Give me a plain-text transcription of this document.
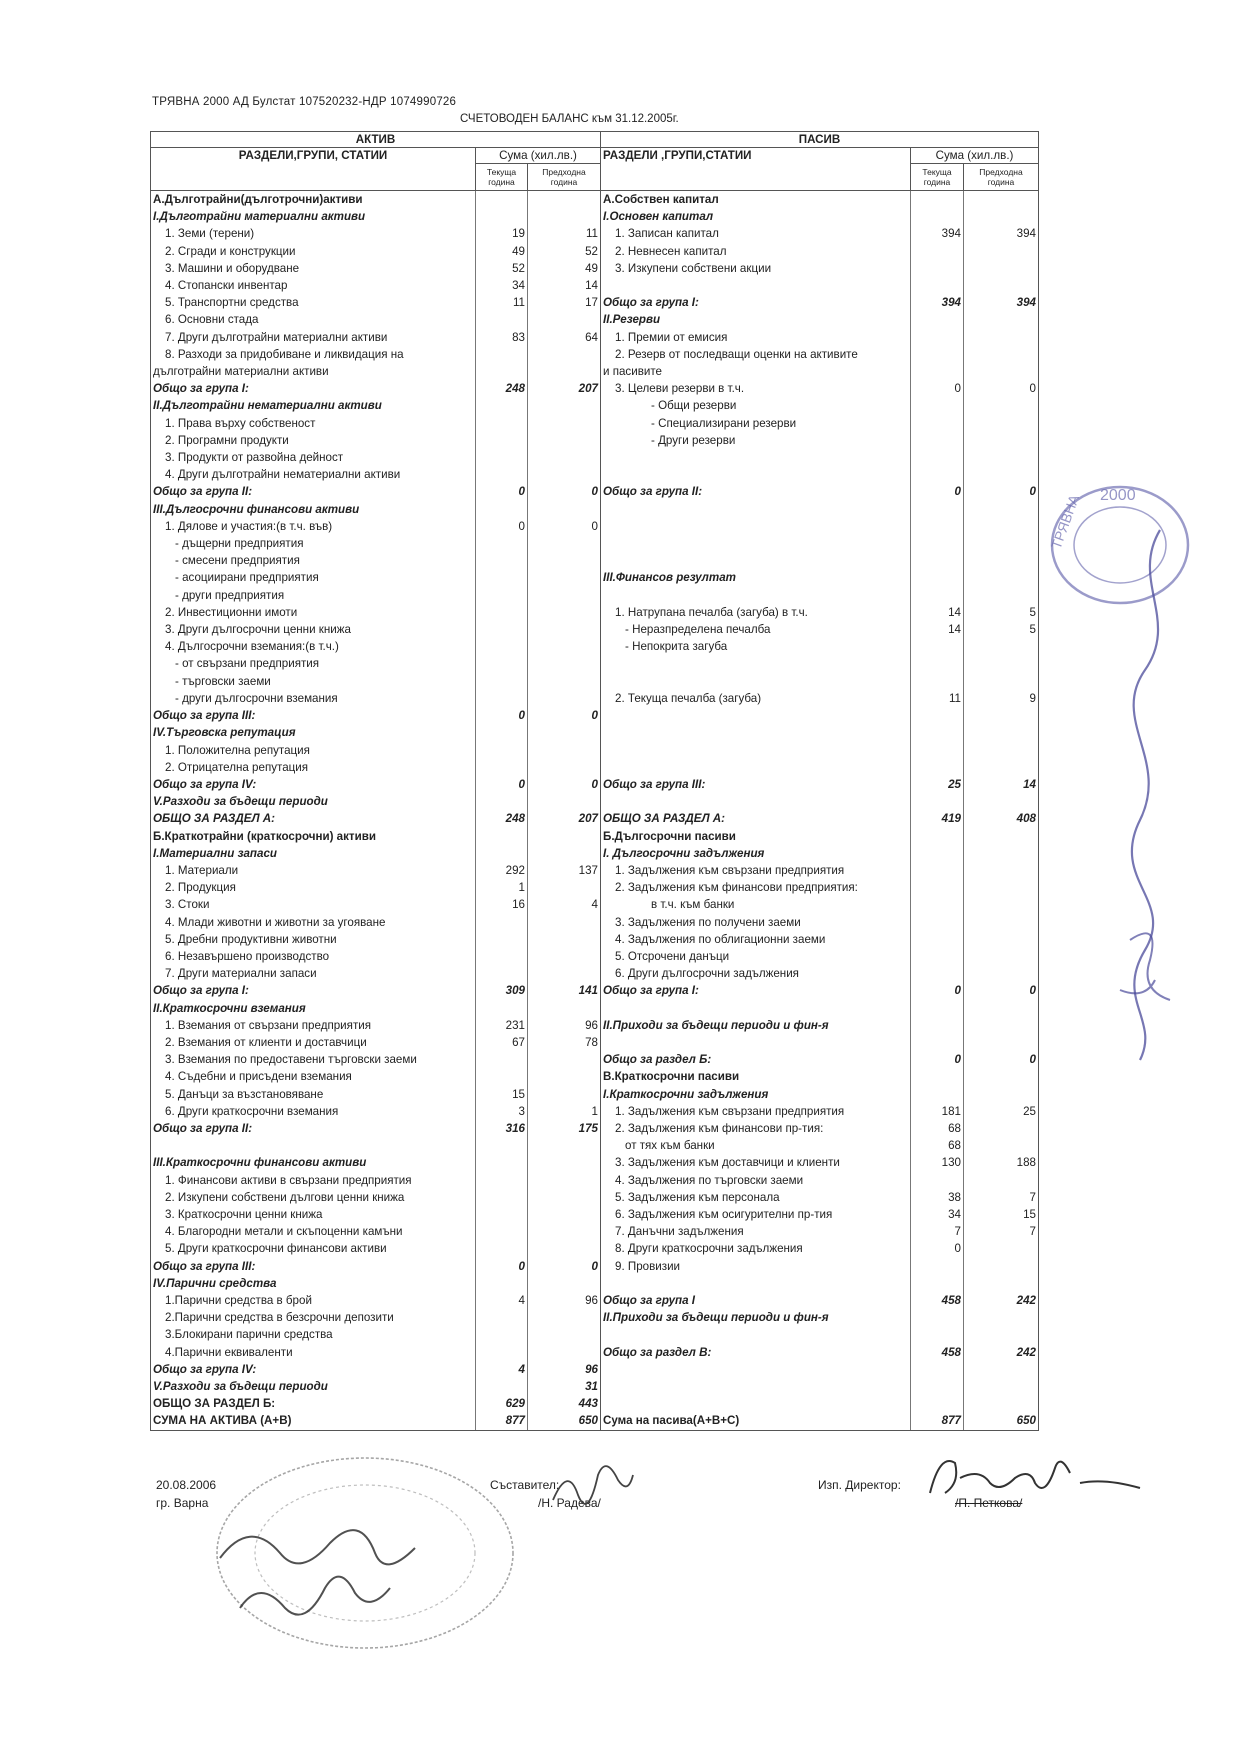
ТРЯВНА 2000 АД Булстат 107520232-НДР 1074990726
СЧЕТОВОДЕН БАЛАНС към 31.12.2005г.
АКТИВ			ПАСИВ		
РАЗДЕЛИ,ГРУПИ, СТАТИИ	Сума (хил.лв.)		РАЗДЕЛИ ,ГРУПИ,СТАТИИ	Сума (хил.лв.)	
	Текуща година	Предходна година		Текуща година	Предходна година
А.Дълготрайни(дълготрочни)активи			А.Собствен капитал		
I.Дълготрайни материални активи			I.Основен капитал		
1. Земи (терени)	19	11	1. Записан капитал	394	394
2. Сгради и конструкции	49	52	2. Невнесен капитал		
3. Машини и оборудване	52	49	3. Изкупени собствени акции		
4. Стопански инвентар	34	14			
5. Транспортни средства	11	17	Общо за група I:	394	394
6. Основни стада			II.Резерви		
7. Други дълготрайни материални активи	83	64	1. Премии от емисия		
8. Разходи за придобиване и ликвидация на			2. Резерв от последващи оценки на активите		
дълготрайни материални активи			и пасивите		
Общо за група I:	248	207	3. Целеви резерви в т.ч.	0	0
II.Дълготрайни нематериални активи			- Общи резерви		
1. Права върху собственост			- Специализирани резерви		
2. Програмни продукти			- Други резерви		
3. Продукти от развойна дейност					
4. Други дълготрайни нематериални активи					
Общо за група II:	0	0	Общо за група II:	0	0
III.Дългосрочни финансови активи					
1. Дялове и участия:(в т.ч. във)	0	0			
- дъщерни предприятия					
- смесени предприятия					
- асоциирани предприятия			III.Финансов резултат		
- други предприятия					
2. Инвестиционни имоти			1. Натрупана печалба (загуба) в т.ч.	14	5
3. Други дългосрочни ценни книжа			- Неразпределена печалба	14	5
4. Дългосрочни вземания:(в т.ч.)			- Непокрита загуба		
- от свързани предприятия					
- търговски заеми					
- други дългосрочни вземания			2. Текуща печалба (загуба)	11	9
Общо за група III:	0	0			
IV.Търговска репутация					
1. Положителна репутация					
2. Отрицателна репутация					
Общо за група IV:	0	0	Общо за група III:	25	14
V.Разходи за бъдещи периоди					
ОБЩО ЗА РАЗДЕЛ А:	248	207	ОБЩО ЗА РАЗДЕЛ А:	419	408
Б.Краткотрайни (краткосрочни) активи			Б.Дългосрочни пасиви		
I.Материални запаси			I. Дългосрочни задължения		
1. Материали	292	137	1. Задължения към свързани предприятия		
2. Продукция	1		2. Задължения към финансови предприятия:		
3. Стоки	16	4	в т.ч. към банки		
4. Млади животни и животни за угояване			3. Задължения по получени заеми		
5. Дребни продуктивни животни			4. Задължения по облигационни заеми		
6. Незавършено производство			5. Отсрочени данъци		
7. Други материални запаси			6. Други дългосрочни задължения		
Общо за група I:	309	141	Общо за група I:	0	0
II.Краткосрочни вземания					
1. Вземания от свързани предприятия	231	96	II.Приходи за бъдещи периоди и фин-я		
2. Вземания от клиенти и доставчици	67	78			
3. Вземания по предоставени търговски заеми			Общо за раздел Б:	0	0
4. Съдебни и присъдени вземания			В.Краткосрочни пасиви		
5. Данъци за възстановяване	15		I.Краткосрочни задължения		
6. Други краткосрочни вземания	3	1	1. Задължения към свързани предприятия	181	25
Общо за група II:	316	175	2. Задължения към финансови пр-тия:	68	
			от тях към банки	68	
III.Краткосрочни финансови активи			3. Задължения към доставчици и клиенти	130	188
1. Финансови активи в свързани предприятия			4. Задължения по търговски заеми		
2. Изкупени собствени дългови ценни книжа			5. Задължения към персонала	38	7
3. Краткосрочни ценни книжа			6. Задължения към осигурителни пр-тия	34	15
4. Благородни метали и скъпоценни камъни			7. Данъчни задължения	7	7
5. Други краткосрочни финансови активи			8. Други краткосрочни задължения	0	
Общо за група III:	0	0	9. Провизии		
IV.Парични средства					
1.Парични средства в брой	4	96	Общо за група I	458	242
2.Парични средства в безсрочни депозити			II.Приходи за бъдещи периоди и фин-я		
3.Блокирани парични средства					
4.Парични еквиваленти			Общо за раздел В:	458	242
Общо за група IV:	4	96			
V.Разходи за бъдещи периоди		31			
ОБЩО ЗА РАЗДЕЛ Б:	629	443			
СУМА НА АКТИВА (А+В)	877	650	Сума на пасива(А+В+С)	877	650
20.08.2006
гр. Варна
Съставител:
/Н. Радева/
Изп. Директор:
/П. Петкова/
2000
ТРЯВНА
